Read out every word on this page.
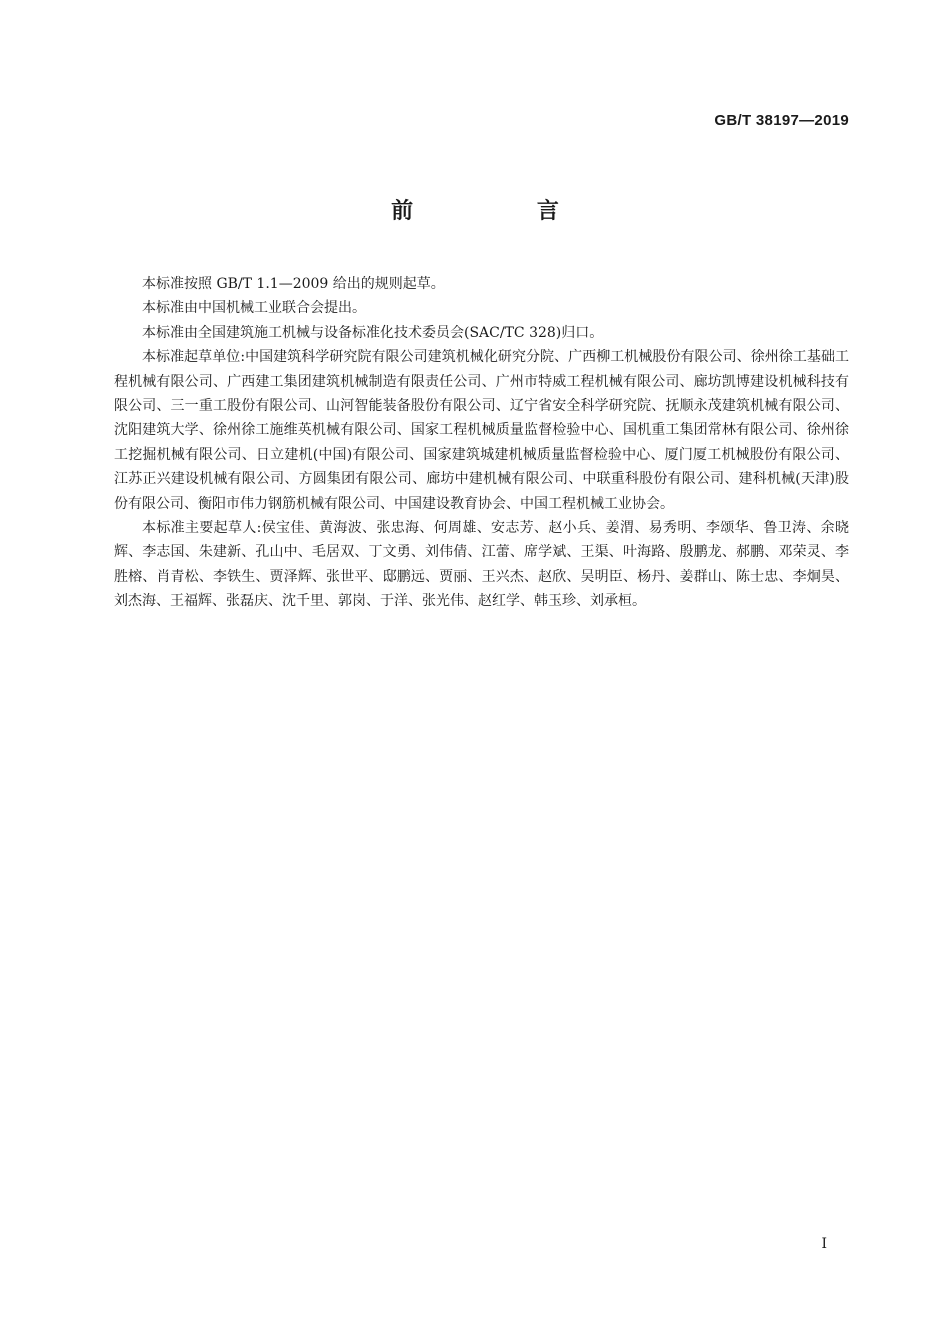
GB/T 38197—2019
前 言

本标准按照 GB/T 1.1—2009 给出的规则起草。

本标准由中国机械工业联合会提出。

本标准由全国建筑施工机械与设备标准化技术委员会(SAC/TC 328)归口。

本标准起草单位:中国建筑科学研究院有限公司建筑机械化研究分院、广西柳工机械股份有限公司、徐州徐工基础工程机械有限公司、广西建工集团建筑机械制造有限责任公司、广州市特威工程机械有限公司、廊坊凯博建设机械科技有限公司、三一重工股份有限公司、山河智能装备股份有限公司、辽宁省安全科学研究院、抚顺永茂建筑机械有限公司、沈阳建筑大学、徐州徐工施维英机械有限公司、国家工程机械质量监督检验中心、国机重工集团常林有限公司、徐州徐工挖掘机械有限公司、日立建机(中国)有限公司、国家建筑城建机械质量监督检验中心、厦门厦工机械股份有限公司、江苏正兴建设机械有限公司、方圆集团有限公司、廊坊中建机械有限公司、中联重科股份有限公司、建科机械(天津)股份有限公司、衡阳市伟力钢筋机械有限公司、中国建设教育协会、中国工程机械工业协会。

本标准主要起草人:侯宝佳、黄海波、张忠海、何周雄、安志芳、赵小兵、姜渭、易秀明、李颂华、鲁卫涛、余晓辉、李志国、朱建新、孔山中、毛居双、丁文勇、刘伟倩、江蕾、席学斌、王渠、叶海路、殷鹏龙、郝鹏、邓荣灵、李胜榕、肖青松、李铁生、贾泽辉、张世平、邸鹏远、贾丽、王兴杰、赵欣、吴明臣、杨丹、姜群山、陈士忠、李炯昊、刘杰海、王福辉、张磊庆、沈千里、郭岗、于洋、张光伟、赵红学、韩玉珍、刘承桓。

I
